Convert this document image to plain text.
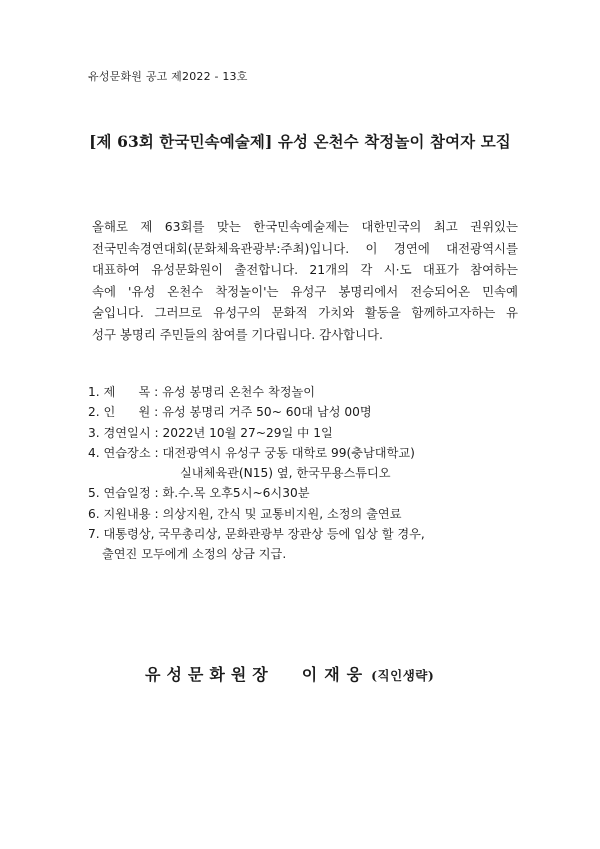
유성문화원 공고 제2022 - 13호
[제 63회 한국민속예술제] 유성 온천수 착정놀이 참여자 모집
올해로 제 63회를 맞는 한국민속예술제는 대한민국의 최고 권위있는
전국민속경연대회(문화체육관광부:주최)입니다. 이 경연에 대전광역시를
대표하여 유성문화원이 출전합니다. 21개의 각 시·도 대표가 참여하는
속에 '유성 온천수 착정놀이'는 유성구 봉명리에서 전승되어온 민속예
술입니다. 그러므로 유성구의 문화적 가치와 활동을 함께하고자하는 유
성구 봉명리 주민들의 참여를 기다립니다. 감사합니다.
1. 제      목 : 유성 봉명리 온천수 착정놀이
2. 인      원 : 유성 봉명리 거주 50~ 60대 남성 00명
3. 경연일시 : 2022년 10월 27~29일 中 1일
4. 연습장소 : 대전광역시 유성구 궁동 대학로 99(충남대학교)
실내체육관(N15) 옆, 한국무용스튜디오
5. 연습일정 : 화.수.목 오후5시~6시30분
6. 지원내용 : 의상지원, 간식 및 교통비지원, 소정의 출연료
7. 대통령상, 국무총리상, 문화관광부 장관상 등에 입상 할 경우,
출연진 모두에게 소정의 상금 지급.
유성문화원장 이재웅 (직인생략)
